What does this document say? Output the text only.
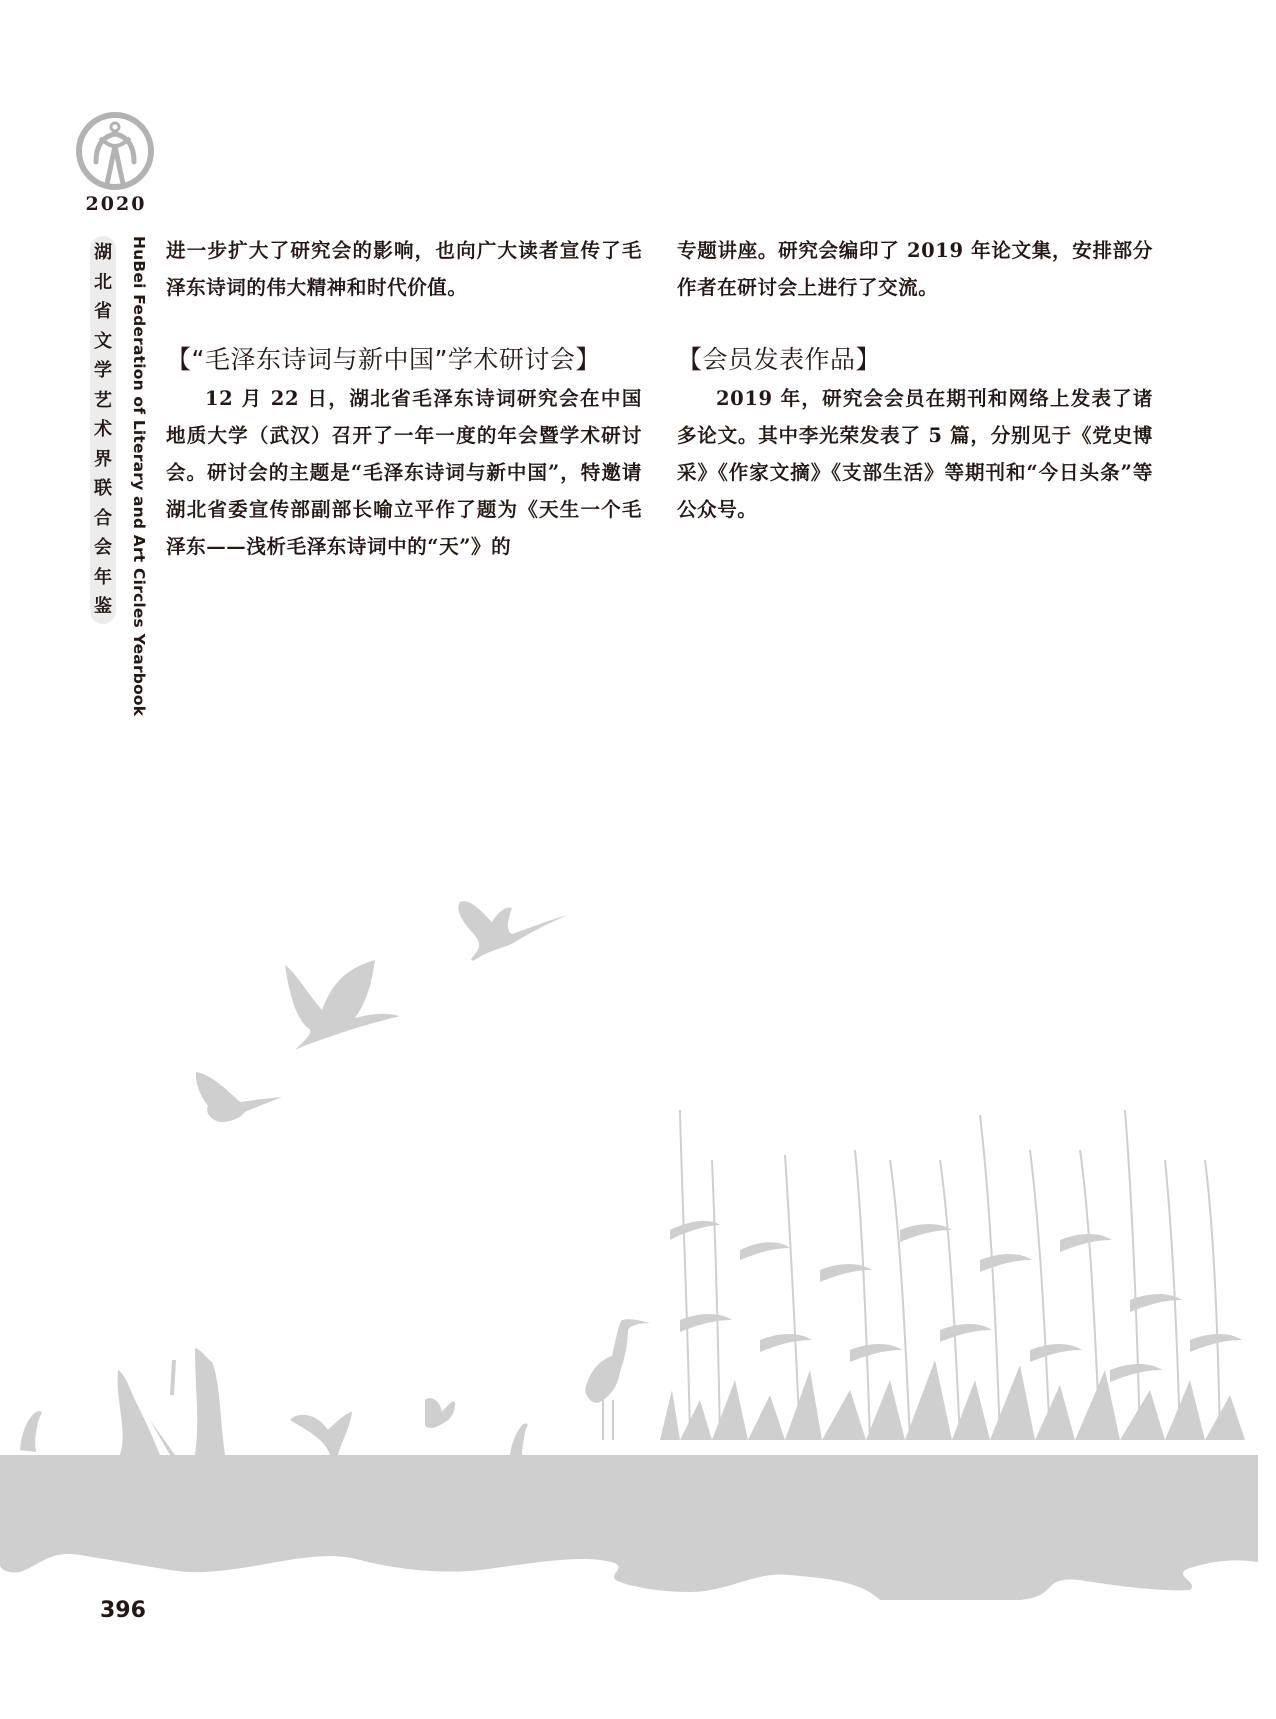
2020
湖
北
省
文
学
艺
术
界
联
合
会
年
鉴 HuBei Federation of Literary and Art Circles Yearbook 进一步扩大了研究会的影响，也向广大读者宣传了毛泽东诗词的伟大精神和时代价值。

【“毛泽东诗词与新中国”学术研讨会】

12 月 22 日，湖北省毛泽东诗词研究会在中国地质大学（武汉）召开了一年一度的年会暨学术研讨会。研讨会的主题是“毛泽东诗词与新中国”，特邀请湖北省委宣传部副部长喻立平作了题为《天生一个毛泽东——浅析毛泽东诗词中的“天”》的

专题讲座。研究会编印了 2019 年论文集，安排部分作者在研讨会上进行了交流。

【会员发表作品】

2019 年，研究会会员在期刊和网络上发表了诸多论文。其中李光荣发表了 5 篇，分别见于《党史博采》《作家文摘》《支部生活》等期刊和“今日头条”等公众号。

396
